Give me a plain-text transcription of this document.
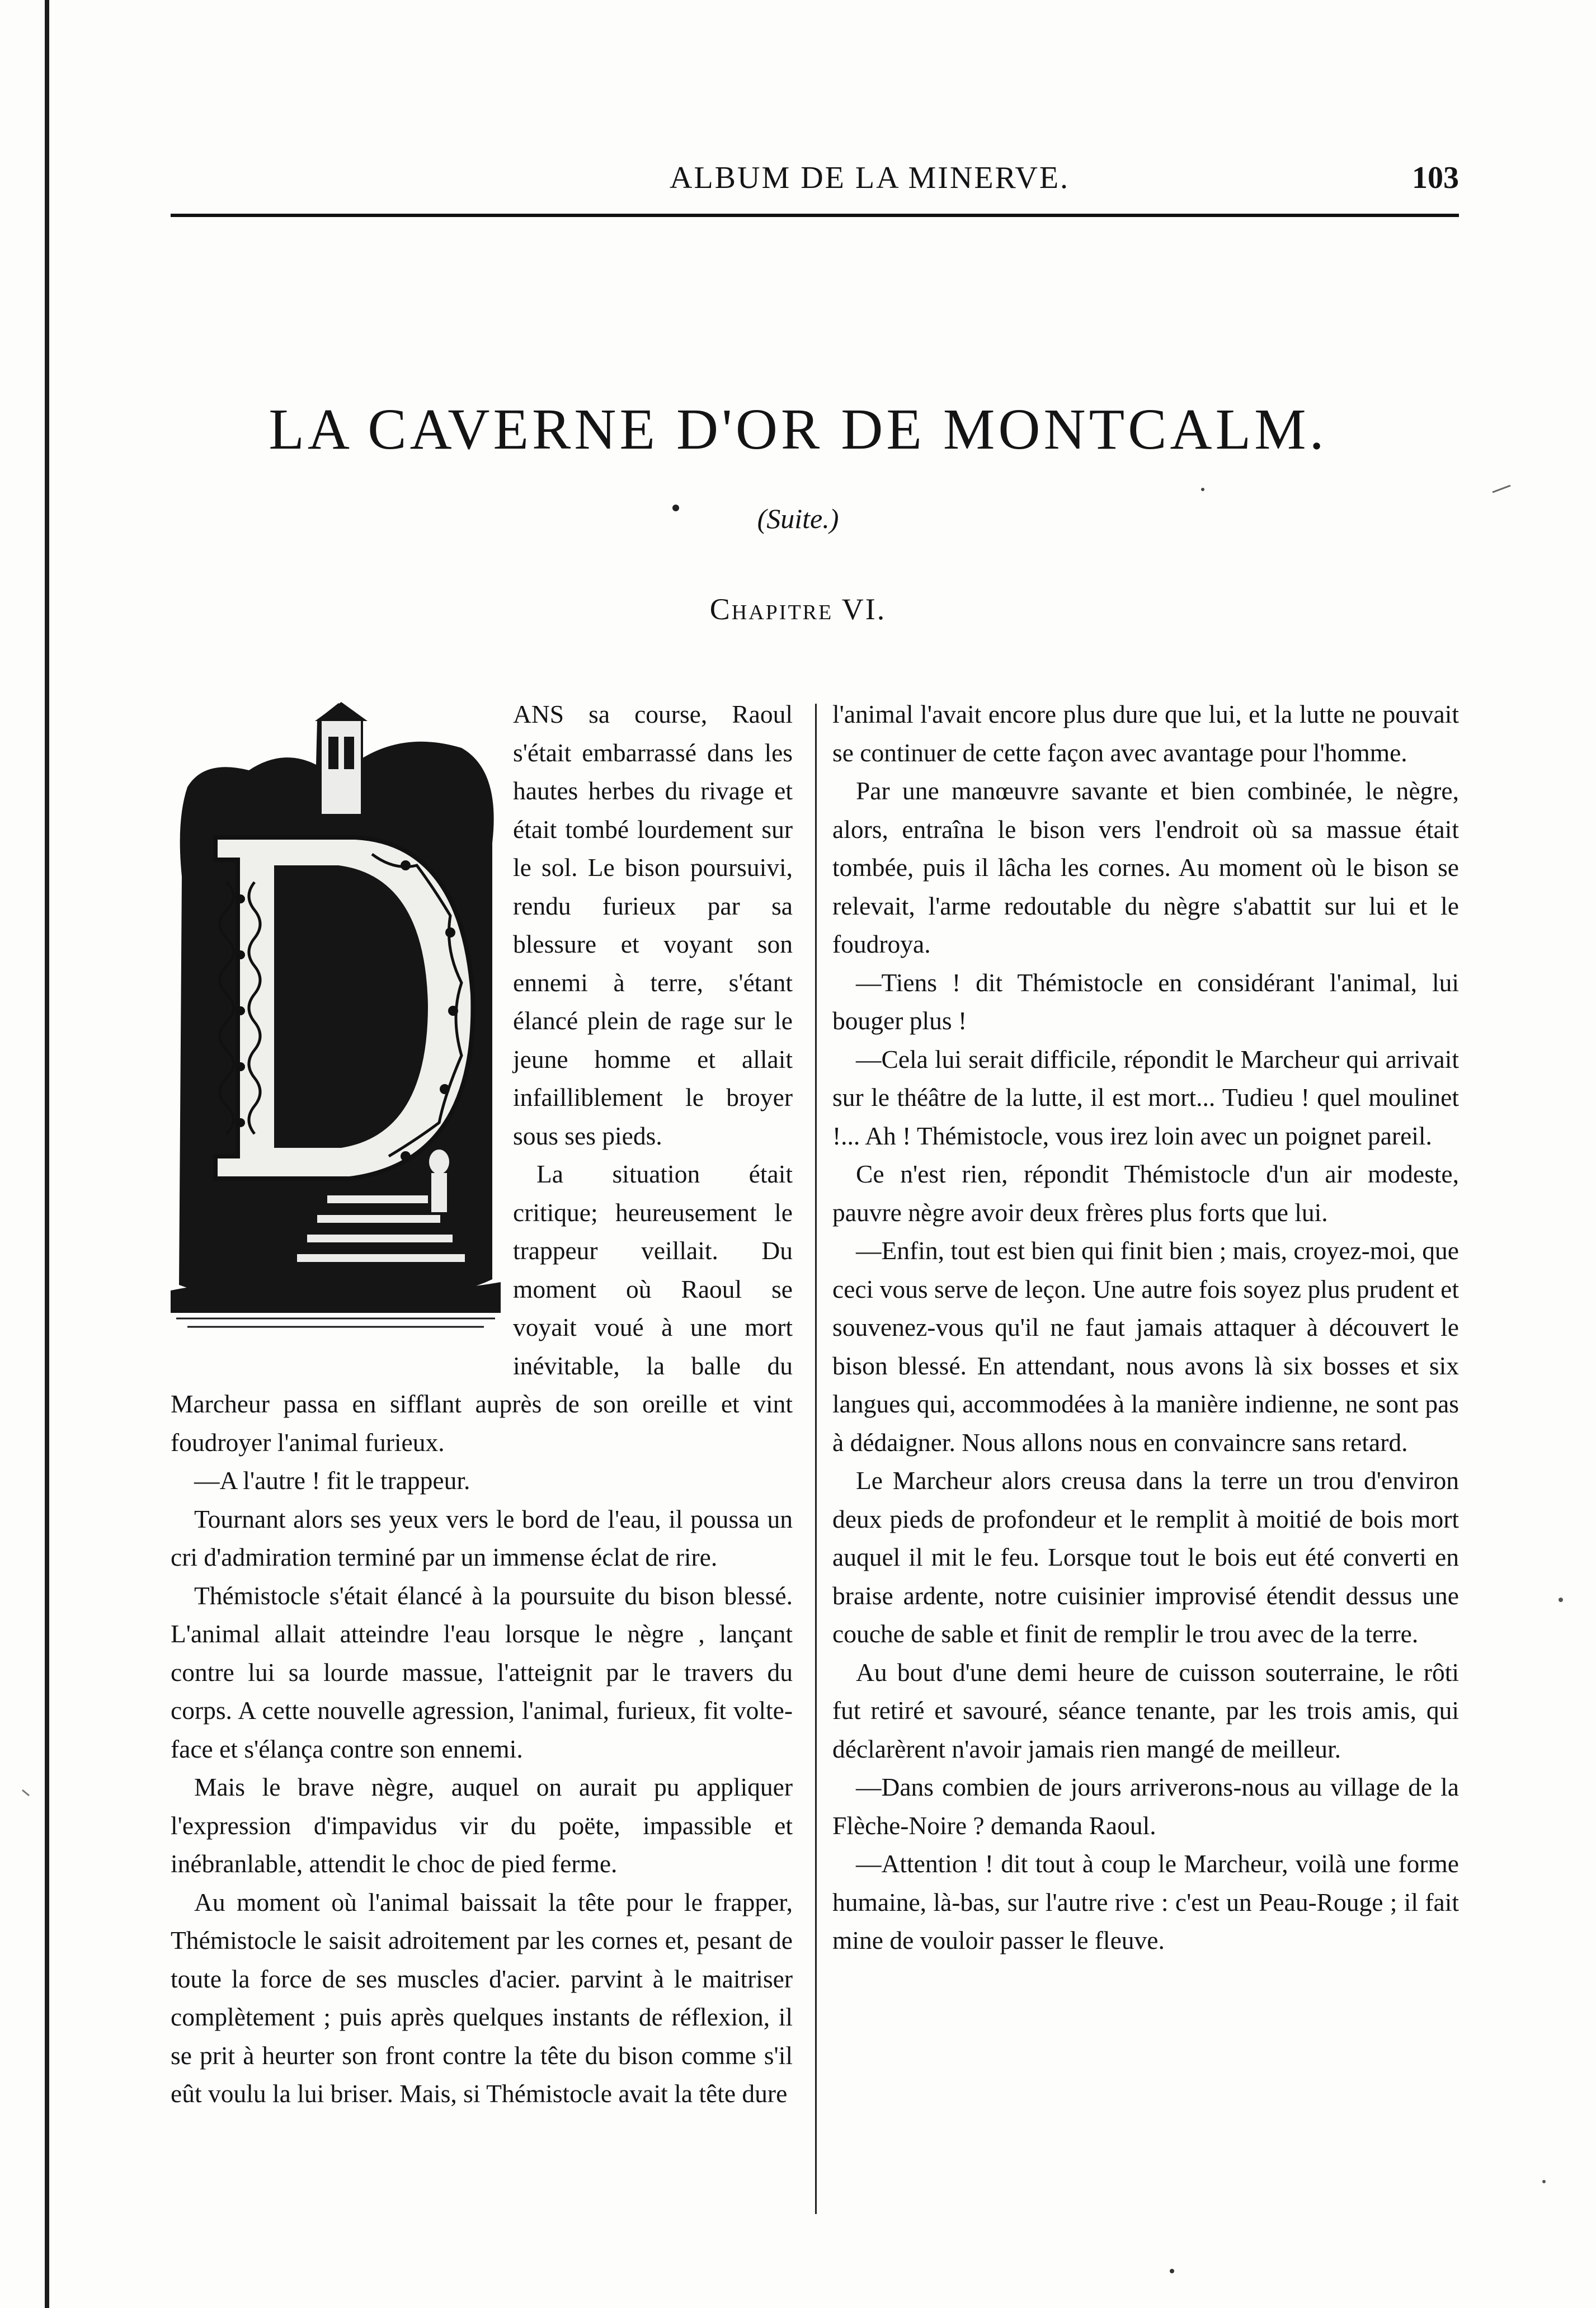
ALBUM DE LA MINERVE.	103
LA CAVERNE D'OR DE MONTCALM.
(Suite.)
Chapitre VI.

ANS sa course, Raoul s'était embarrassé dans les hautes herbes du rivage et était tombé lourdement sur le sol. Le bison poursuivi, rendu furieux par sa blessure et voyant son ennemi à terre, s'étant élancé plein de rage sur le jeune homme et allait infailliblement le broyer sous ses pieds.

La situation était critique; heureusement le trappeur veillait. Du moment où Raoul se voyait voué à une mort inévitable, la balle du Marcheur passa en sifflant auprès de son oreille et vint foudroyer l'animal furieux.

—A l'autre ! fit le trappeur.

Tournant alors ses yeux vers le bord de l'eau, il poussa un cri d'admiration terminé par un immense éclat de rire.

Thémistocle s'était élancé à la poursuite du bison blessé. L'animal allait atteindre l'eau lorsque le nègre , lançant contre lui sa lourde massue, l'atteignit par le travers du corps. A cette nouvelle agression, l'animal, furieux, fit volte-face et s'élança contre son ennemi.

Mais le brave nègre, auquel on aurait pu appliquer l'expression d'impavidus vir du poëte, impassible et inébranlable, attendit le choc de pied ferme.

Au moment où l'animal baissait la tête pour le frapper, Thémistocle le saisit adroitement par les cornes et, pesant de toute la force de ses muscles d'acier. parvint à le maitriser complètement ; puis après quelques instants de réflexion, il se prit à heurter son front contre la tête du bison comme s'il eût voulu la lui briser. Mais, si Thémistocle avait la tête dure

l'animal l'avait encore plus dure que lui, et la lutte ne pouvait se continuer de cette façon avec avantage pour l'homme.

Par une manœuvre savante et bien combinée, le nègre, alors, entraîna le bison vers l'endroit où sa massue était tombée, puis il lâcha les cornes. Au moment où le bison se relevait, l'arme redoutable du nègre s'abattit sur lui et le foudroya.

—Tiens ! dit Thémistocle en considérant l'animal, lui bouger plus !

—Cela lui serait difficile, répondit le Marcheur qui arrivait sur le théâtre de la lutte, il est mort... Tudieu ! quel moulinet !... Ah ! Thémistocle, vous irez loin avec un poignet pareil.

Ce n'est rien, répondit Thémistocle d'un air modeste, pauvre nègre avoir deux frères plus forts que lui.

—Enfin, tout est bien qui finit bien ; mais, croyez-moi, que ceci vous serve de leçon. Une autre fois soyez plus prudent et souvenez-vous qu'il ne faut jamais attaquer à découvert le bison blessé. En attendant, nous avons là six bosses et six langues qui, accommodées à la manière indienne, ne sont pas à dédaigner. Nous allons nous en convaincre sans retard.

Le Marcheur alors creusa dans la terre un trou d'environ deux pieds de profondeur et le remplit à moitié de bois mort auquel il mit le feu. Lorsque tout le bois eut été converti en braise ardente, notre cuisinier improvisé étendit dessus une couche de sable et finit de remplir le trou avec de la terre.

Au bout d'une demi heure de cuisson souterraine, le rôti fut retiré et savouré, séance tenante, par les trois amis, qui déclarèrent n'avoir jamais rien mangé de meilleur.

—Dans combien de jours arriverons-nous au village de la Flèche-Noire ? demanda Raoul.

—Attention ! dit tout à coup le Marcheur, voilà une forme humaine, là-bas, sur l'autre rive : c'est un Peau-Rouge ; il fait mine de vouloir passer le fleuve.
